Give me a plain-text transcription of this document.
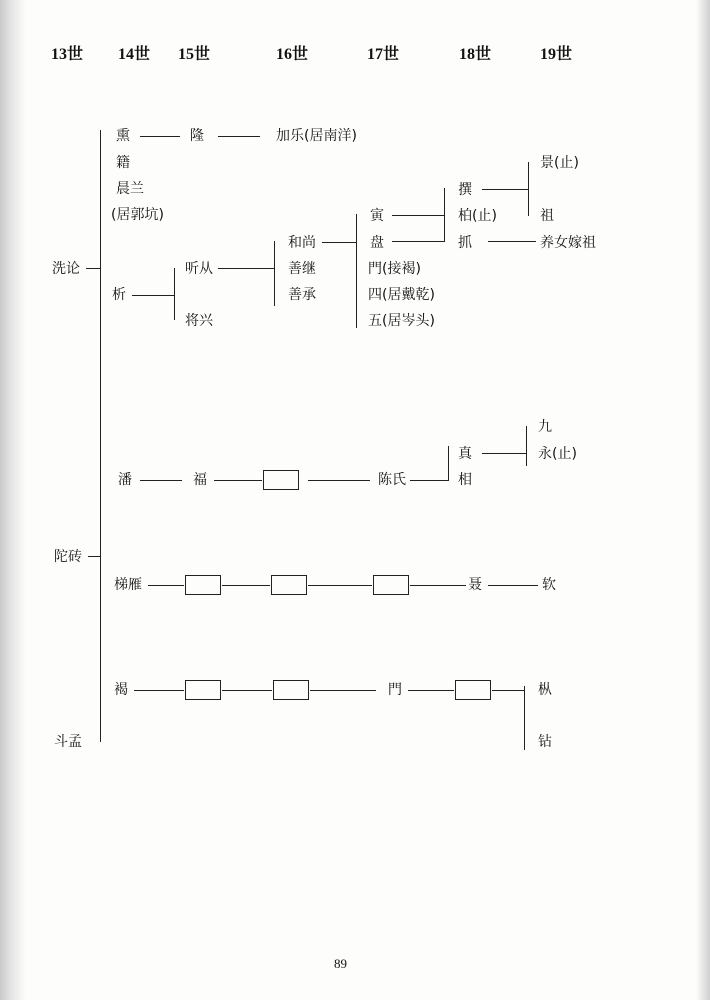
13世 14世 15世	16世	17世	18世	19世
洗论
熏	隆	加乐(居南洋)
籍
晨兰
(居郭坑)
析
听从
将兴
和尚
善继
善承
寅
盘
門(接褐)
四(居戴乾)
五(居岑头)
撰
柏(止)
抓
景(止)
祖
养女嫁祖
陀砖
潘	福	陈氏
真
相
九
永(止)
梯雁	聂	软
褐	門	枞
钻
斗孟
89
